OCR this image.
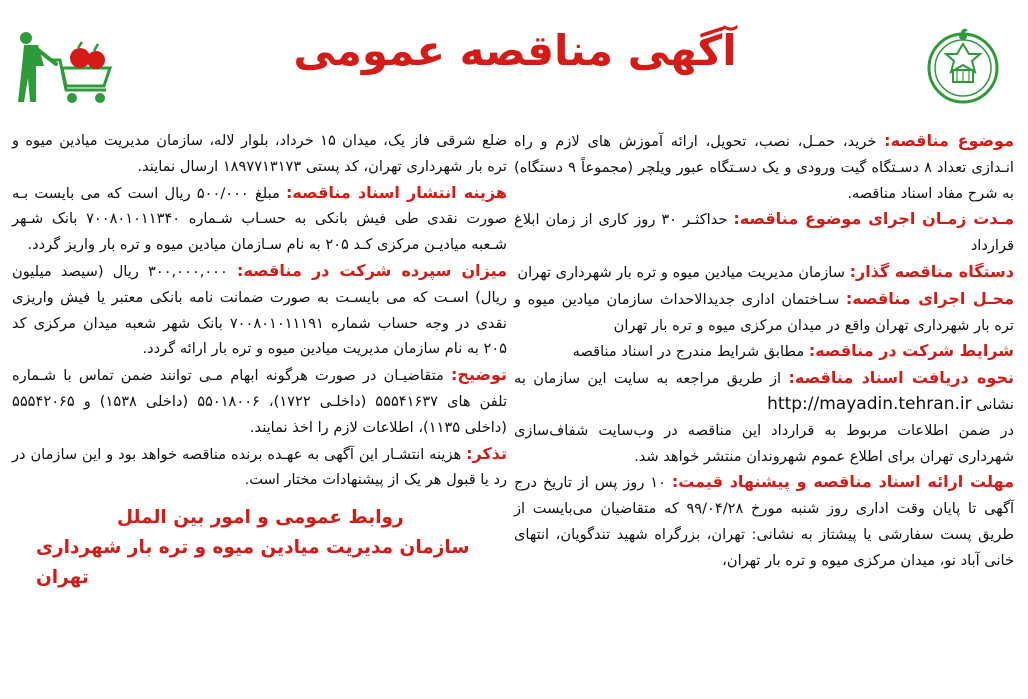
آگهی مناقصه عمومی

موضوع مناقصه: خرید، حمـل، نصب، تحویل، ارائه آموزش های لازم و راه انـدازی تعداد ۸ دسـتگاه گیت ورودی و یک دسـتگاه عبور ویلچر (مجموعاً ۹ دستگاه) به شرح مفاد اسناد مناقصه.

مـدت زمـان اجرای موضوع مناقصه: حداکثـر ۳۰ روز کاری از زمان ابلاغ قرارداد

دستگاه مناقصه گذار: سازمان مدیریت میادین میوه و تره بار شهرداری تهران

محـل اجرای مناقصه: سـاختمان اداری جدیدالاحداث سازمان میادین میوه و تره بار شهرداری تهران واقع در میدان مرکزی میوه و تره بار تهران

شرایط شرکت در مناقصه: مطابق شرایط مندرج در اسناد مناقصه

نحوه دریافت اسناد مناقصه: از طریق مراجعه به سایت این سازمان به نشانی http://mayadin.tehran.ir

در ضمن اطلاعات مربوط به قرارداد این مناقصه در وب‌سایت شفاف‌سازی شهرداری تهران برای اطلاع عموم شهروندان منتشر خواهد شد.

مهلت ارائه اسناد مناقصه و پیشنهاد قیمت: ۱۰ روز پس از تاریخ درج آگهی تا پایان وقت اداری روز شنبه مورخ ۹۹/۰۴/۲۸ که متقاضیان می‌بایست از طریق پست سفارشی یا پیشتاز به نشانی: تهران، بزرگراه شهید تندگویان، انتهای خانی آباد نو، میدان مرکزی میوه و تره بار تهران،

ضلع شرقی فاز یک، میدان ۱۵ خرداد، بلوار لاله، سازمان مدیریت میادین میوه و تره بار شهرداری تهران، کد پستی ۱۸۹۷۷۱۳۱۷۳ ارسال نمایند.

هزینه انتشار اسناد مناقصه: مبلغ ۵۰۰/۰۰۰ ریال است که می بایست بـه صورت نقدی طی فیش بانکی به حسـاب شـماره ۷۰۰۸۰۱۰۱۱۳۴۰ بانک شـهر شـعبه میادیـن مرکزی کـد ۲۰۵ به نام سـازمان میادین میوه و تره بار واریز گردد.

میزان سپرده شرکت در مناقصه: ۳۰۰,۰۰۰,۰۰۰ ریال (سیصد میلیون ریال) اسـت که می بایسـت به صورت ضمانت نامه بانکی معتبر یا فیش واریزی نقدی در وجه حساب شماره ۷۰۰۸۰۱۰۱۱۱۹۱ بانک شهر شعبه میدان مرکزی کد ۲۰۵ به نام سازمان مدیریت میادین میوه و تره بار ارائه گردد.

توضیح: متقاضیـان در صورت هرگونه ابهام مـی توانند ضمن تماس با شـماره تلفن های ۵۵۵۴۱۶۳۷ (داخلـی ۱۷۲۲)، ۵۵۰۱۸۰۰۶ (داخلی ۱۵۳۸) و ۵۵۵۴۲۰۶۵ (داخلی ۱۱۳۵)، اطلاعات لازم را اخذ نمایند.

تذکر: هزینه انتشـار این آگهی به عهـده برنده مناقصه خواهد بود و این سازمان در رد یا قبول هر یک از پیشنهادات مختار است.

روابط عمومی و امور بین الملل
سازمان مدیریت میادین میوه و تره بار شهرداری تهران
